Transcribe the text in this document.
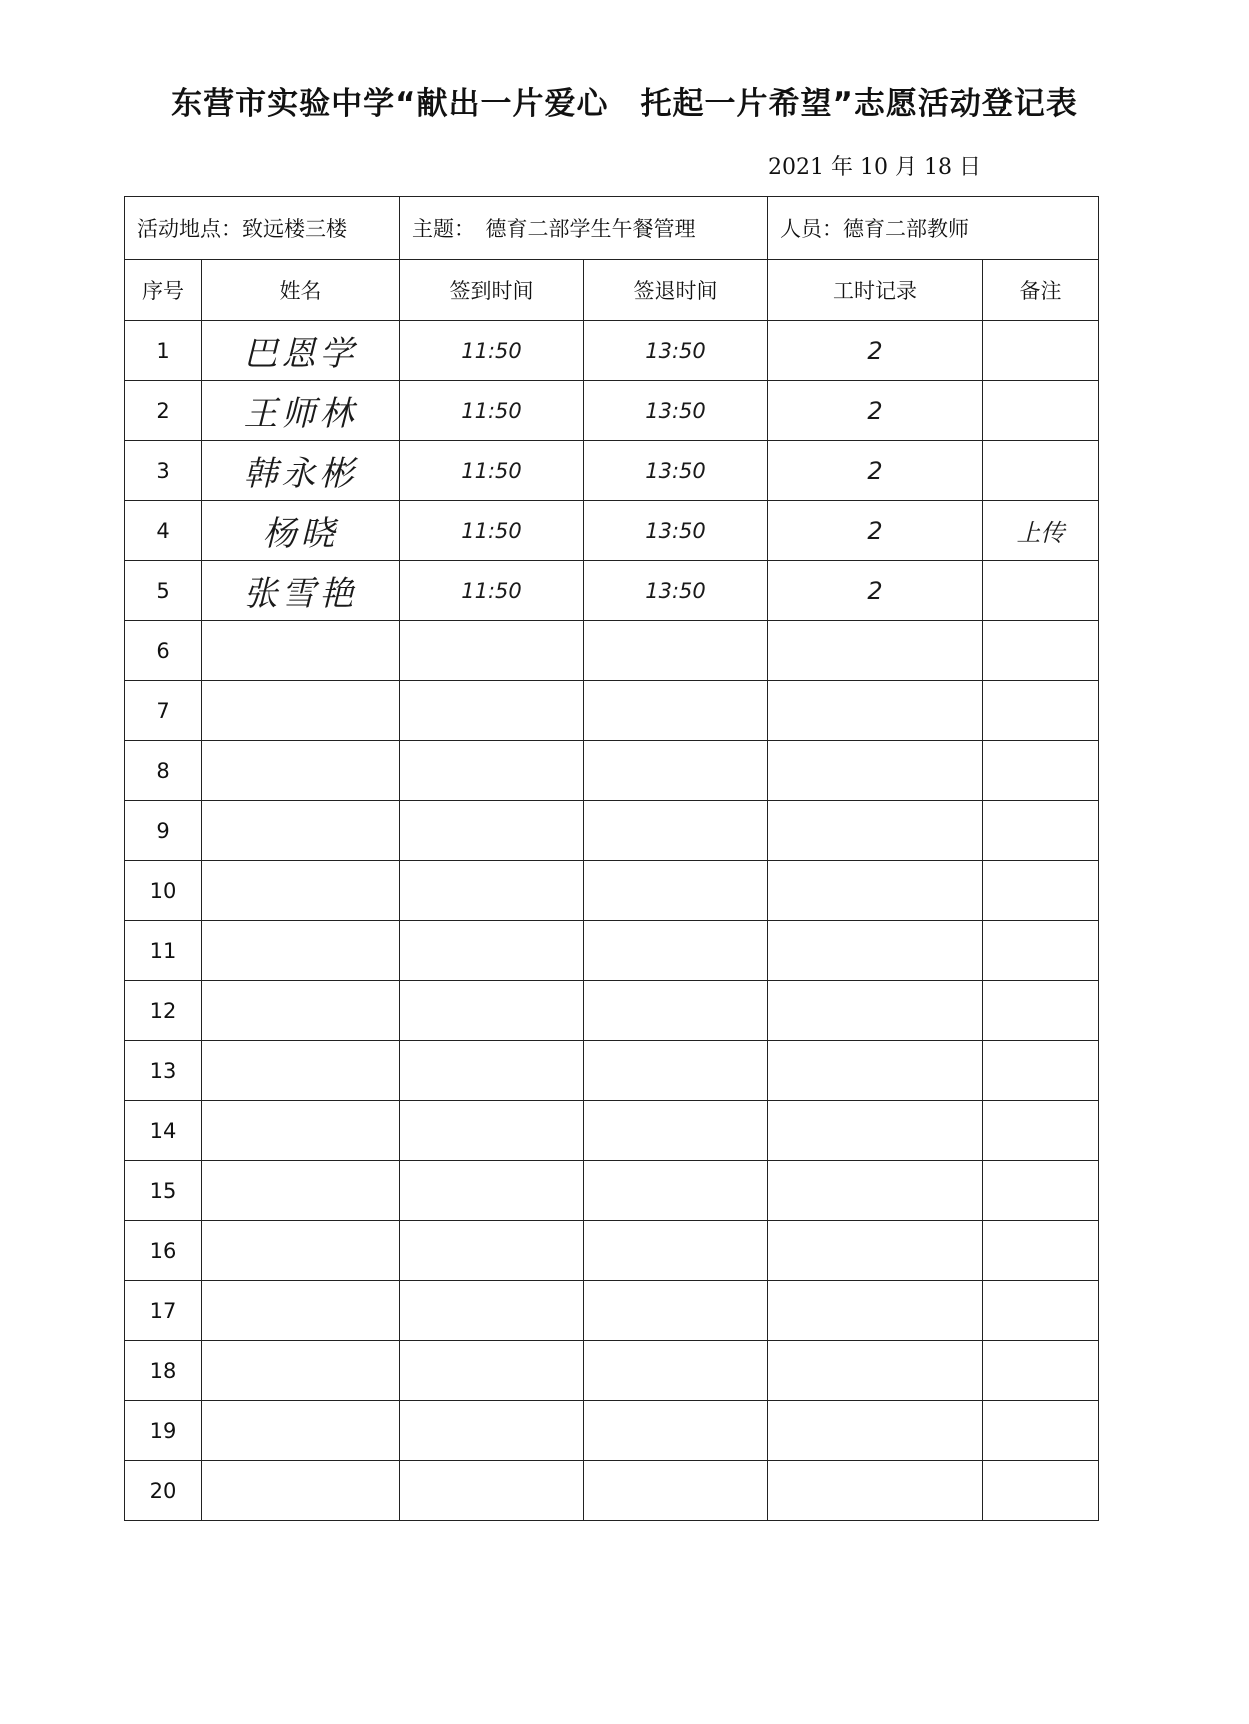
东营市实验中学“献出一片爱心　托起一片希望”志愿活动登记表
2021 年 10 月 18 日
活动地点：致远楼三楼		主题：　德育二部学生午餐管理		人员：德育二部教师	
序号	姓名	签到时间	签退时间	工时记录	备注
1	巴恩学	11:50	13:50	2	
2	王师林	11:50	13:50	2	
3	韩永彬	11:50	13:50	2	
4	杨晓	11:50	13:50	2	上传
5	张雪艳	11:50	13:50	2	
6					
7					
8					
9					
10					
11					
12					
13					
14					
15					
16					
17					
18					
19					
20					
